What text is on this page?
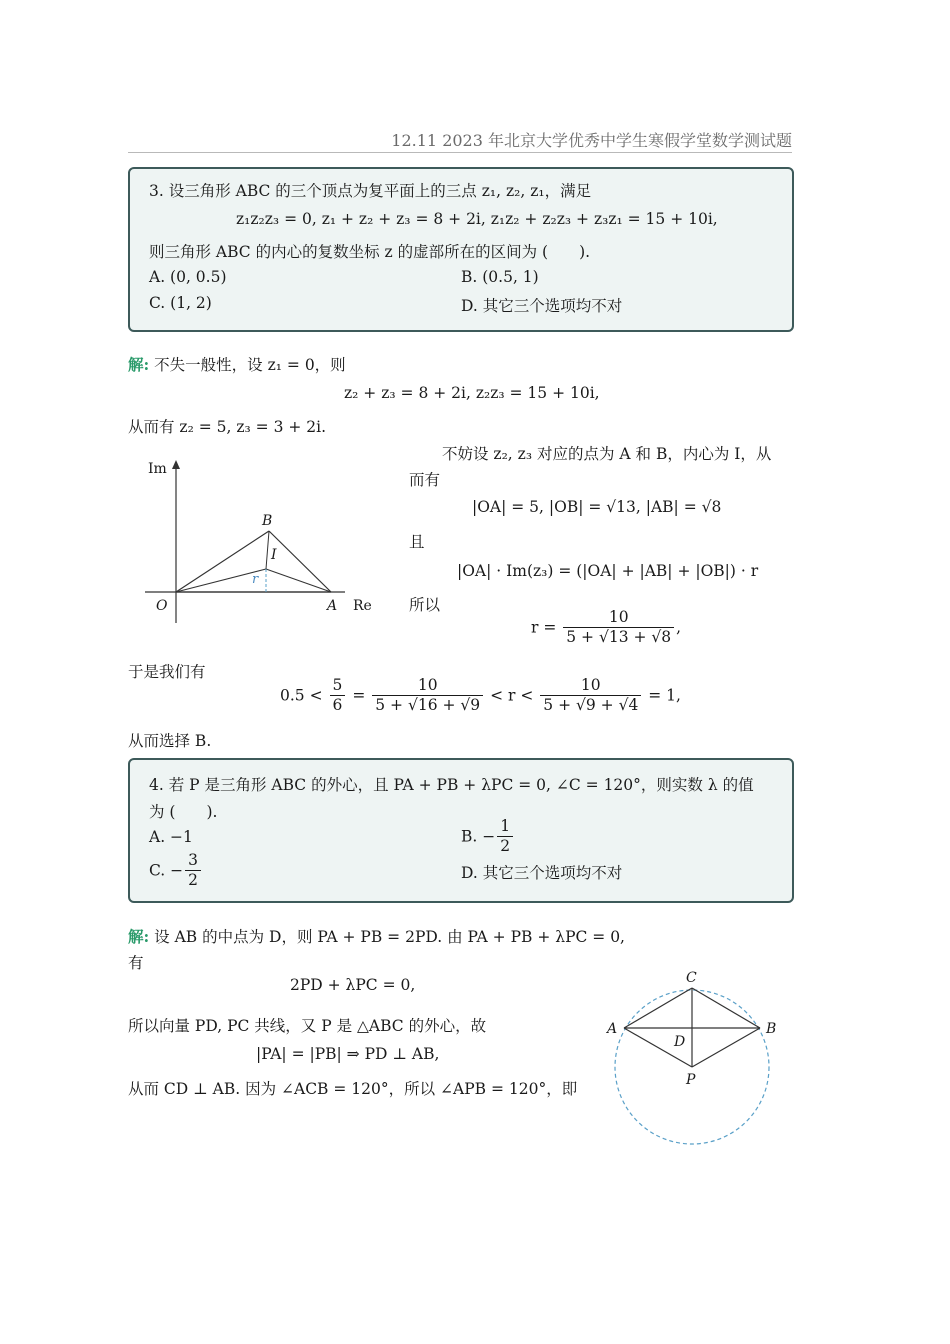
12.11 2023 年北京大学优秀中学生寒假学堂数学测试题
3. 设三角形 ABC 的三个顶点为复平面上的三点 z₁, z₂, z₁，满足
z₁z₂z₃ = 0, z₁ + z₂ + z₃ = 8 + 2i, z₁z₂ + z₂z₃ + z₃z₁ = 15 + 10i,
则三角形 ABC 的内心的复数坐标 z 的虚部所在的区间为 (　　).
A. (0, 0.5)	B. (0.5, 1)
C. (1, 2)	D. 其它三个选项均不对
解: 不失一般性，设 z₁ = 0，则
z₂ + z₃ = 8 + 2i, z₂z₃ = 15 + 10i,
从而有 z₂ = 5, z₃ = 3 + 2i.
Im
Re
O	A
B
I
r
不妨设 z₂, z₃ 对应的点为 A 和 B，内心为 I，从
而有
|OA| = 5, |OB| = √13, |AB| = √8
且
|OA| · Im(z₃) = (|OA| + |AB| + |OB|) · r
所以
$r = \frac{10}{5 + √13 + √8}$ ,
于是我们有
$0.5 < \frac{5}{6} = \frac{10}{5 + √16 + √9} < r < \frac{10}{5 + √9 + √4} = 1$,
从而选择 B.
4. 若 P 是三角形 ABC 的外心，且 PA + PB + λPC = 0, ∠C = 120°，则实数 λ 的值
为 (　　).
A. −1	B. − $\frac{1}{2}$
C. − $\frac{3}{2}$	D. 其它三个选项均不对
解: 设 AB 的中点为 D，则 PA + PB = 2PD. 由 PA + PB + λPC = 0,
有
2PD + λPC = 0,
所以向量 PD, PC 共线，又 P 是 △ABC 的外心，故
|PA| = |PB| ⇒ PD ⊥ AB,
从而 CD ⊥ AB. 因为 ∠ACB = 120°，所以 ∠APB = 120°，即
C
A	B
D
P
